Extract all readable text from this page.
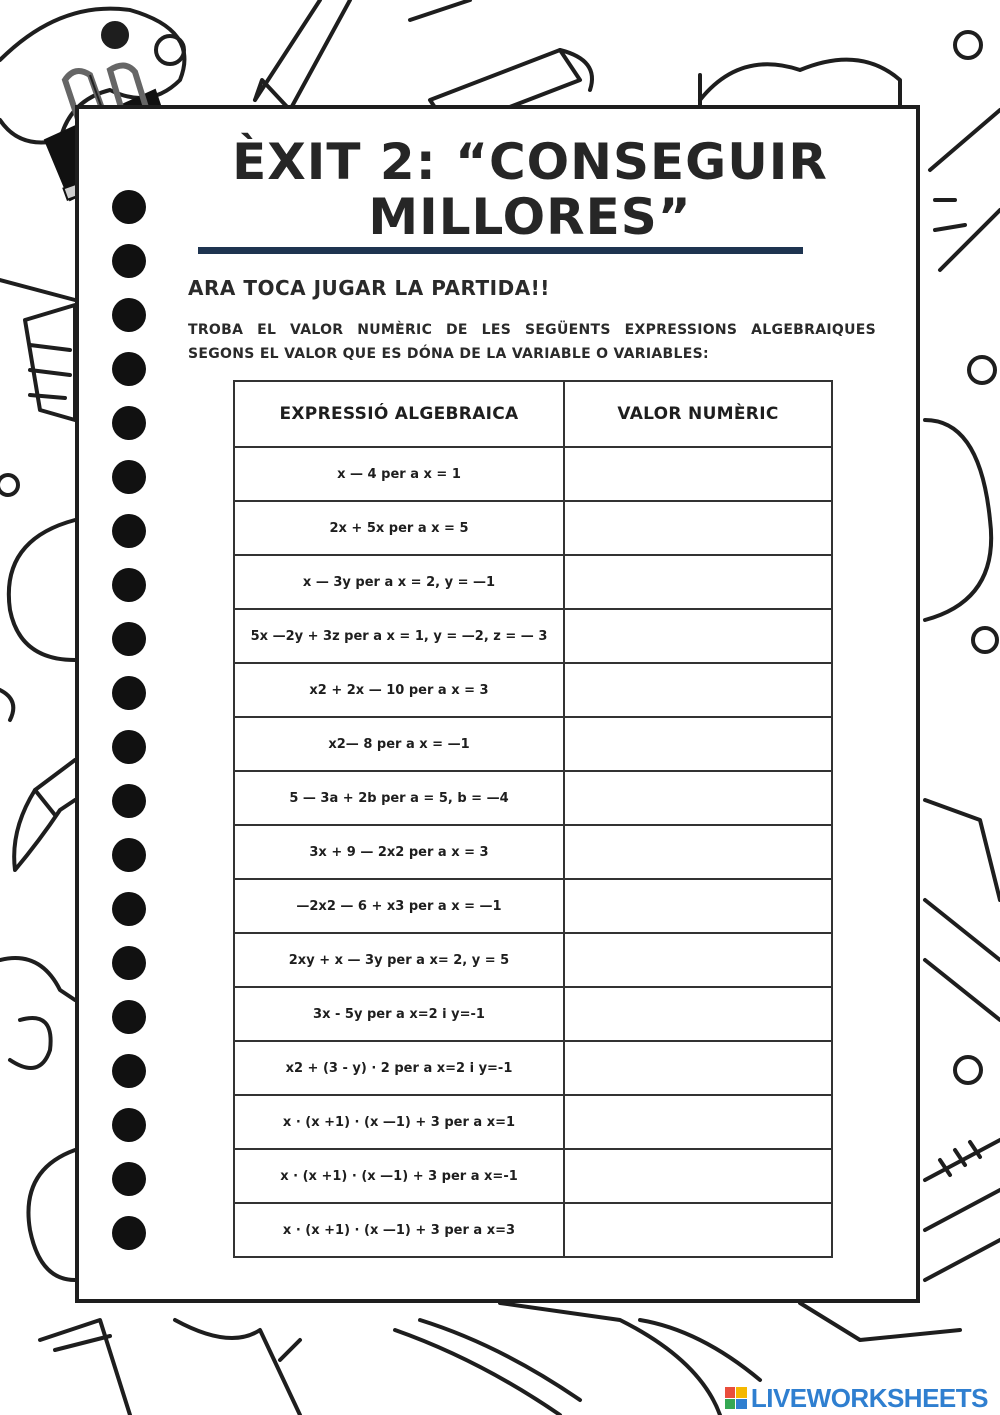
ÈXIT 2: “CONSEGUIR MILLORES”
ARA TOCA JUGAR LA PARTIDA!!
TROBA EL VALOR NUMÈRIC DE LES SEGÜENTS EXPRESSIONS ALGEBRAIQUES SEGONS EL VALOR QUE ES DÓNA DE LA VARIABLE O VARIABLES:
EXPRESSIÓ ALGEBRAICA	VALOR NUMÈRIC
x — 4 per a x = 1	

2x + 5x per a x = 5	

x — 3y per a x = 2, y = —1	

5x —2y + 3z per a x = 1, y = —2, z = — 3	

x2 + 2x — 10 per a x = 3	

x2— 8 per a x = —1	

5 — 3a + 2b per a = 5, b = —4	

3x + 9 — 2x2 per a x = 3	

—2x2 — 6 + x3 per a x = —1	

2xy + x — 3y per a x= 2, y = 5	

3x - 5y per a x=2 i y=-1	

x2 + (3 - y) · 2 per a x=2 i y=-1	

x · (x +1) · (x —1) + 3 per a x=1	

x · (x +1) · (x —1) + 3 per a x=-1	

x · (x +1) · (x —1) + 3 per a x=3	
LIVEWORKSHEETS
